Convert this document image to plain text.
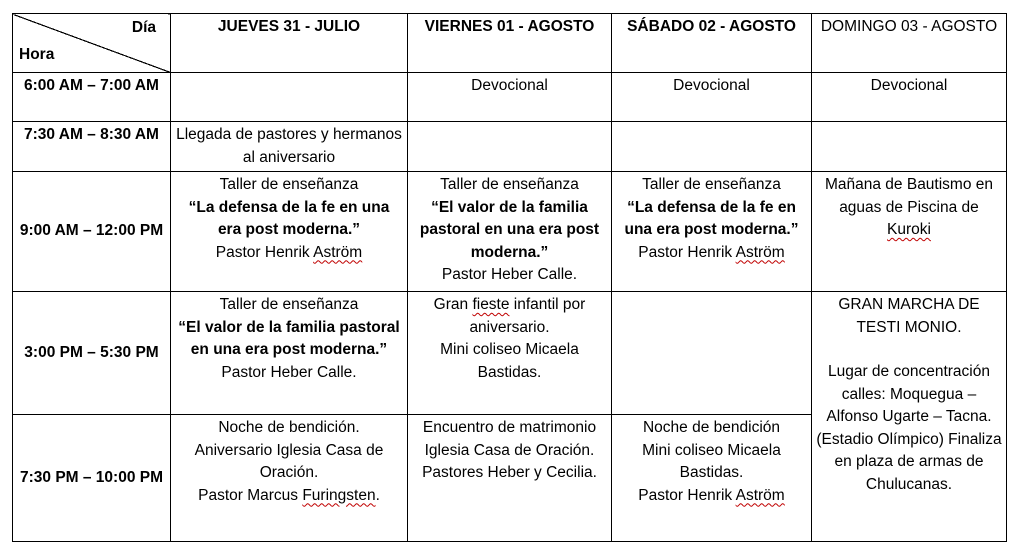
Día
Hora	JUEVES 31 - JULIO	VIERNES 01 - AGOSTO	SÁBADO 02 - AGOSTO	DOMINGO 03 - AGOSTO
6:00 AM – 7:00 AM		Devocional	Devocional	Devocional
7:30 AM – 8:30 AM	Llegada de pastores y hermanos al aniversario			
9:00 AM – 12:00 PM	Taller de enseñanza
“La defensa de la fe en una era post moderna.”
Pastor Henrik Aström	Taller de enseñanza
“El valor de la familia pastoral en una era post moderna.”
Pastor Heber Calle.	Taller de enseñanza
“La defensa de la fe en una era post moderna.”
Pastor Henrik Aström	Mañana de Bautismo en aguas de Piscina de Kuroki
3:00 PM – 5:30 PM	Taller de enseñanza
“El valor de la familia pastoral en una era post moderna.”
Pastor Heber Calle.	Gran fieste infantil por aniversario.
Mini coliseo Micaela Bastidas.		GRAN MARCHA DE TESTI MONIO.
Lugar de concentración calles: Moquegua – Alfonso Ugarte – Tacna. (Estadio Olímpico) Finaliza en plaza de armas de Chulucanas.

7:30 PM – 10:00 PM	Noche de bendición.
Aniversario Iglesia Casa de Oración.
Pastor Marcus Furingsten.	Encuentro de matrimonio Iglesia Casa de Oración.
Pastores Heber y Cecilia.	Noche de bendición
Mini coliseo Micaela Bastidas.
Pastor Henrik Aström	
